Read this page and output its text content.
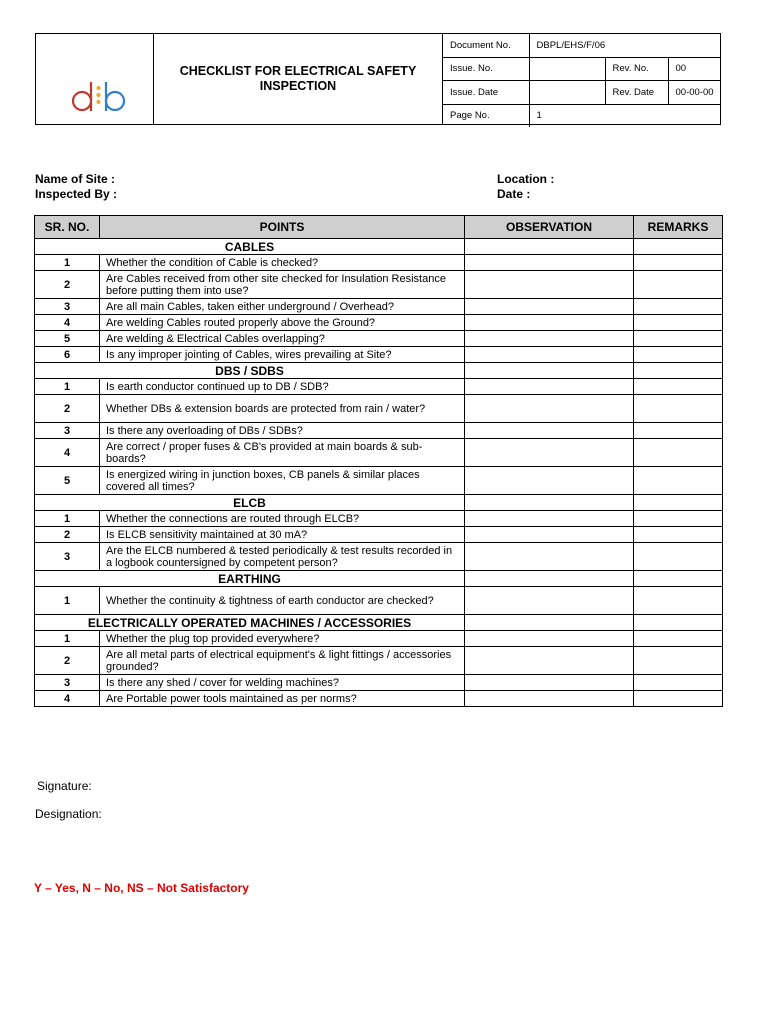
CHECKLIST FOR ELECTRICAL SAFETY
INSPECTION
Document No.	DBPL/EHS/F/06		
Issue. No.		Rev. No.	00
Issue. Date		Rev. Date	00-00-00
Page No.	1		
Name of Site :
Inspected By :
Location :
Date :
SR. NO.	POINTS	OBSERVATION	REMARKS
CABLES			
1	Whether the condition of Cable is checked?		
2	Are Cables received from other site checked for Insulation Resistance before putting them into use?		
3	Are all main Cables, taken either underground / Overhead?		
4	Are welding Cables routed properly above the Ground?		
5	Are welding & Electrical Cables overlapping?		
6	Is any improper jointing of Cables, wires prevailing at Site?		
DBS / SDBS			
1	Is earth conductor continued up to DB / SDB?		
2	Whether DBs & extension boards are protected from rain / water?		
3	Is there any overloading of DBs / SDBs?		
4	Are correct / proper fuses & CB's provided at main boards & sub- boards?		
5	Is energized wiring in junction boxes, CB panels & similar places covered all times?		
ELCB			
1	Whether the connections are routed through ELCB?		
2	Is ELCB sensitivity maintained at 30 mA?		
3	Are the ELCB numbered & tested periodically & test results recorded in a logbook countersigned by competent person?		
EARTHING			
1	Whether the continuity & tightness of earth conductor are checked?		
ELECTRICALLY OPERATED MACHINES / ACCESSORIES			
1	Whether the plug top provided everywhere?		
2	Are all metal parts of electrical equipment's & light fittings / accessories grounded?		
3	Is there any shed / cover for welding machines?		
4	Are Portable power tools maintained as per norms?		
Signature:
Designation:
Y – Yes, N – No, NS – Not Satisfactory
